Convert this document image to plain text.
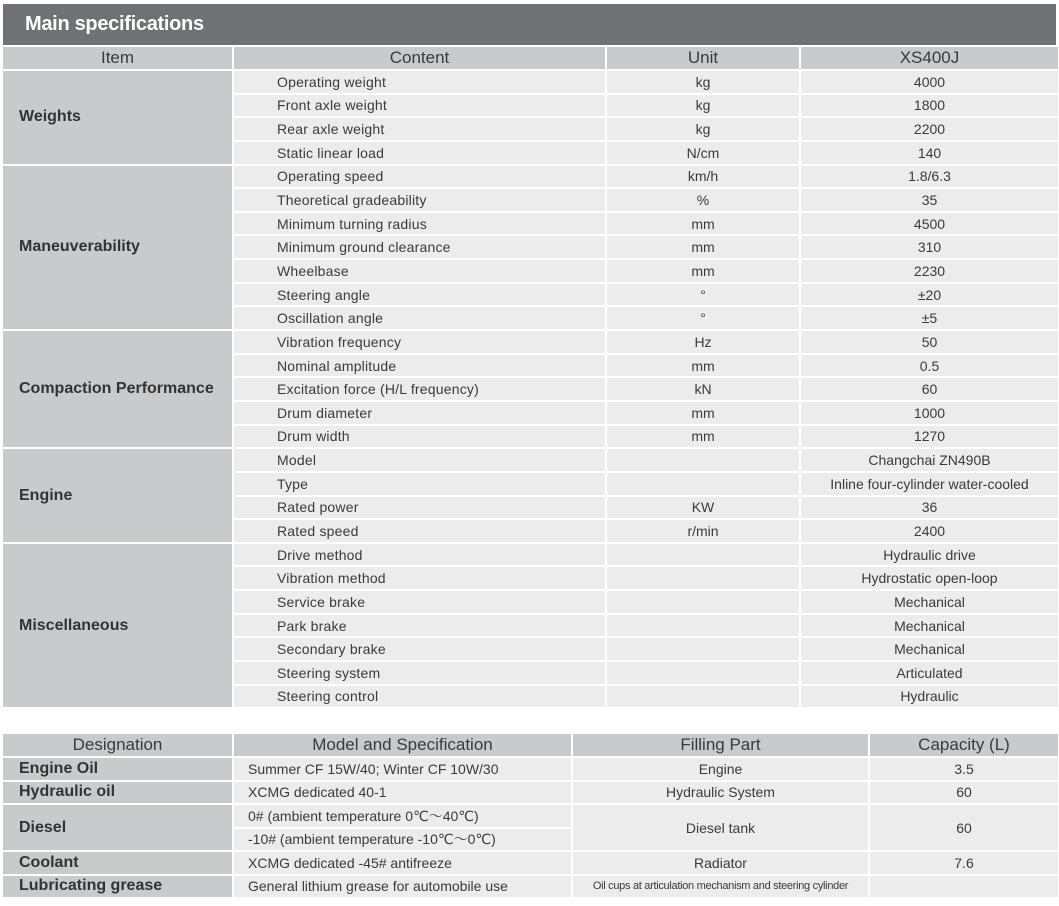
Main specifications
Item	Content	Unit	XS400J
Weights	Operating weight	kg	4000
	Front axle weight	kg	1800
	Rear axle weight	kg	2200
	Static linear load	N/cm	140
Maneuverability	Operating speed	km/h	1.8/6.3
	Theoretical gradeability	%	35
	Minimum turning radius	mm	4500
	Minimum ground clearance	mm	310
	Wheelbase	mm	2230
	Steering angle	°	±20
	Oscillation angle	°	±5
Compaction Performance	Vibration frequency	Hz	50
	Nominal amplitude	mm	0.5
	Excitation force (H/L frequency)	kN	60
	Drum diameter	mm	1000
	Drum width	mm	1270
Engine	Model		Changchai ZN490B
	Type		Inline four-cylinder water-cooled
	Rated power	KW	36
	Rated speed	r/min	2400
Miscellaneous	Drive method		Hydraulic drive
	Vibration method		Hydrostatic open-loop
	Service brake		Mechanical
	Park brake		Mechanical
	Secondary brake		Mechanical
	Steering system		Articulated
	Steering control		Hydraulic
Designation	Model and Specification	Filling Part	Capacity (L)
Engine Oil	Summer CF 15W/40; Winter CF 10W/30	Engine	3.5
Hydraulic oil	XCMG dedicated 40-1	Hydraulic System	60
Diesel	0# (ambient temperature 0℃～40℃)	Diesel tank	60
	-10# (ambient temperature -10℃～0℃)		
Coolant	XCMG dedicated -45# antifreeze	Radiator	7.6
Lubricating grease	General lithium grease for automobile use	Oil cups at articulation mechanism and steering cylinder	
